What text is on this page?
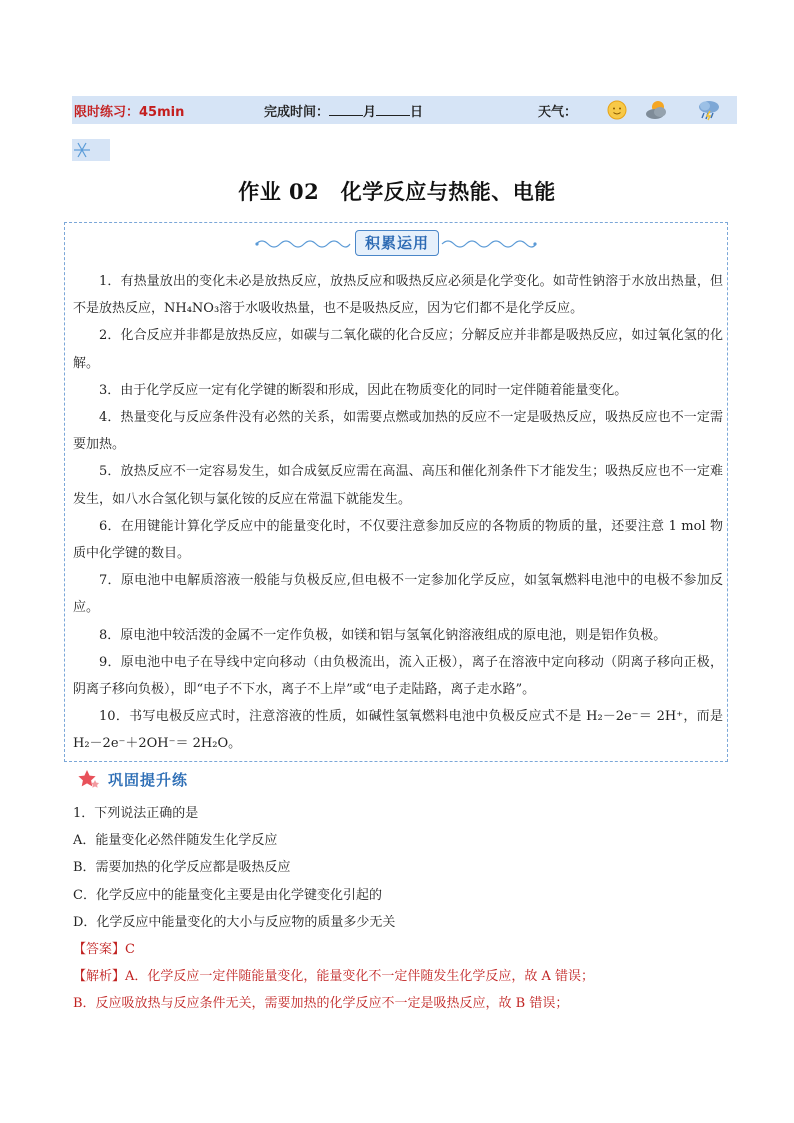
限时练习：45min	完成时间：	月	日	天气：
作业 02　化学反应与热能、电能
积累运用

1．有热量放出的变化未必是放热反应，放热反应和吸热反应必须是化学变化。如苛性钠溶于水放出热量，但不是放热反应，NH₄NO₃溶于水吸收热量，也不是吸热反应，因为它们都不是化学反应。

2．化合反应并非都是放热反应，如碳与二氧化碳的化合反应；分解反应并非都是吸热反应，如过氧化氢的化解。

3．由于化学反应一定有化学键的断裂和形成，因此在物质变化的同时一定伴随着能量变化。

4．热量变化与反应条件没有必然的关系，如需要点燃或加热的反应不一定是吸热反应，吸热反应也不一定需要加热。

5．放热反应不一定容易发生，如合成氨反应需在高温、高压和催化剂条件下才能发生；吸热反应也不一定难发生，如八水合氢化钡与氯化铵的反应在常温下就能发生。

6．在用键能计算化学反应中的能量变化时，不仅要注意参加反应的各物质的物质的量，还要注意 1 mol 物质中化学键的数目。

7．原电池中电解质溶液一般能与负极反应,但电极不一定参加化学反应，如氢氧燃料电池中的电极不参加反应。

8．原电池中较活泼的金属不一定作负极，如镁和铝与氢氧化钠溶液组成的原电池，则是铝作负极。

9．原电池中电子在导线中定向移动（由负极流出，流入正极），离子在溶液中定向移动（阴离子移向正极，阴离子移向负极），即“电子不下水，离子不上岸”或“电子走陆路，离子走水路”。

10．书写电极反应式时，注意溶液的性质，如碱性氢氧燃料电池中负极反应式不是 H₂－2e⁻＝ 2H⁺，而是 H₂－2e⁻＋2OH⁻＝ 2H₂O。

巩固提升练

1．下列说法正确的是

A．能量变化必然伴随发生化学反应

B．需要加热的化学反应都是吸热反应

C．化学反应中的能量变化主要是由化学键变化引起的

D．化学反应中能量变化的大小与反应物的质量多少无关

【答案】C

【解析】A．化学反应一定伴随能量变化，能量变化不一定伴随发生化学反应，故 A 错误；

B．反应吸放热与反应条件无关，需要加热的化学反应不一定是吸热反应，故 B 错误；
